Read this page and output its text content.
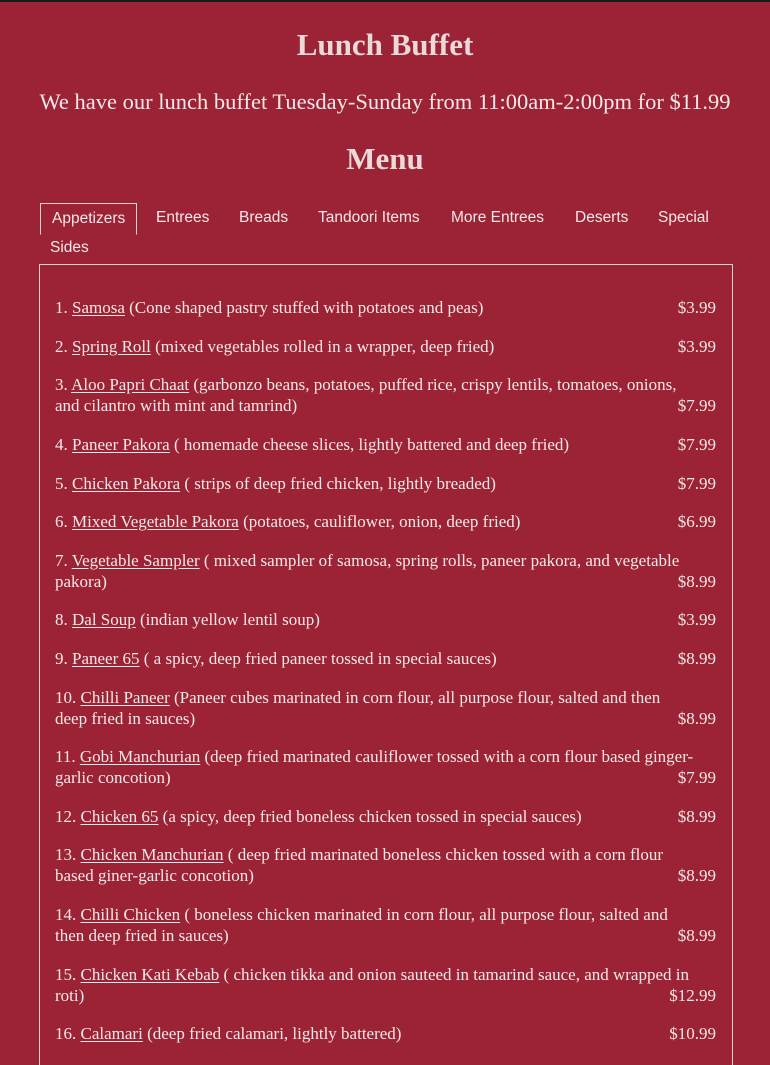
Lunch Buffet

We have our lunch buffet Tuesday-Sunday from 11:00am-2:00pm for $11.99

Menu
Appetizers	Entrees Breads Tandoori Items More Entrees Deserts Special
Sides
1. Samosa (Cone shaped pastry stuffed with potatoes and peas)	$3.99
2. Spring Roll (mixed vegetables rolled in a wrapper, deep fried)	$3.99
3. Aloo Papri Chaat (garbonzo beans, potatoes, puffed rice, crispy lentils, tomatoes, onions,
and cilantro with mint and tamrind)	$7.99
4. Paneer Pakora ( homemade cheese slices, lightly battered and deep fried)	$7.99
5. Chicken Pakora ( strips of deep fried chicken, lightly breaded)	$7.99
6. Mixed Vegetable Pakora (potatoes, cauliflower, onion, deep fried)	$6.99
7. Vegetable Sampler ( mixed sampler of samosa, spring rolls, paneer pakora, and vegetable
pakora)	$8.99
8. Dal Soup (indian yellow lentil soup)	$3.99
9. Paneer 65 ( a spicy, deep fried paneer tossed in special sauces)	$8.99
10. Chilli Paneer (Paneer cubes marinated in corn flour, all purpose flour, salted and then
deep fried in sauces)	$8.99
11. Gobi Manchurian (deep fried marinated cauliflower tossed with a corn flour based ginger-
garlic concotion)	$7.99
12. Chicken 65 (a spicy, deep fried boneless chicken tossed in special sauces)	$8.99
13. Chicken Manchurian ( deep fried marinated boneless chicken tossed with a corn flour
based giner-garlic concotion)	$8.99
14. Chilli Chicken ( boneless chicken marinated in corn flour, all purpose flour, salted and
then deep fried in sauces)	$8.99
15. Chicken Kati Kebab ( chicken tikka and onion sauteed in tamarind sauce, and wrapped in
roti)	$12.99
16. Calamari (deep fried calamari, lightly battered)	$10.99
